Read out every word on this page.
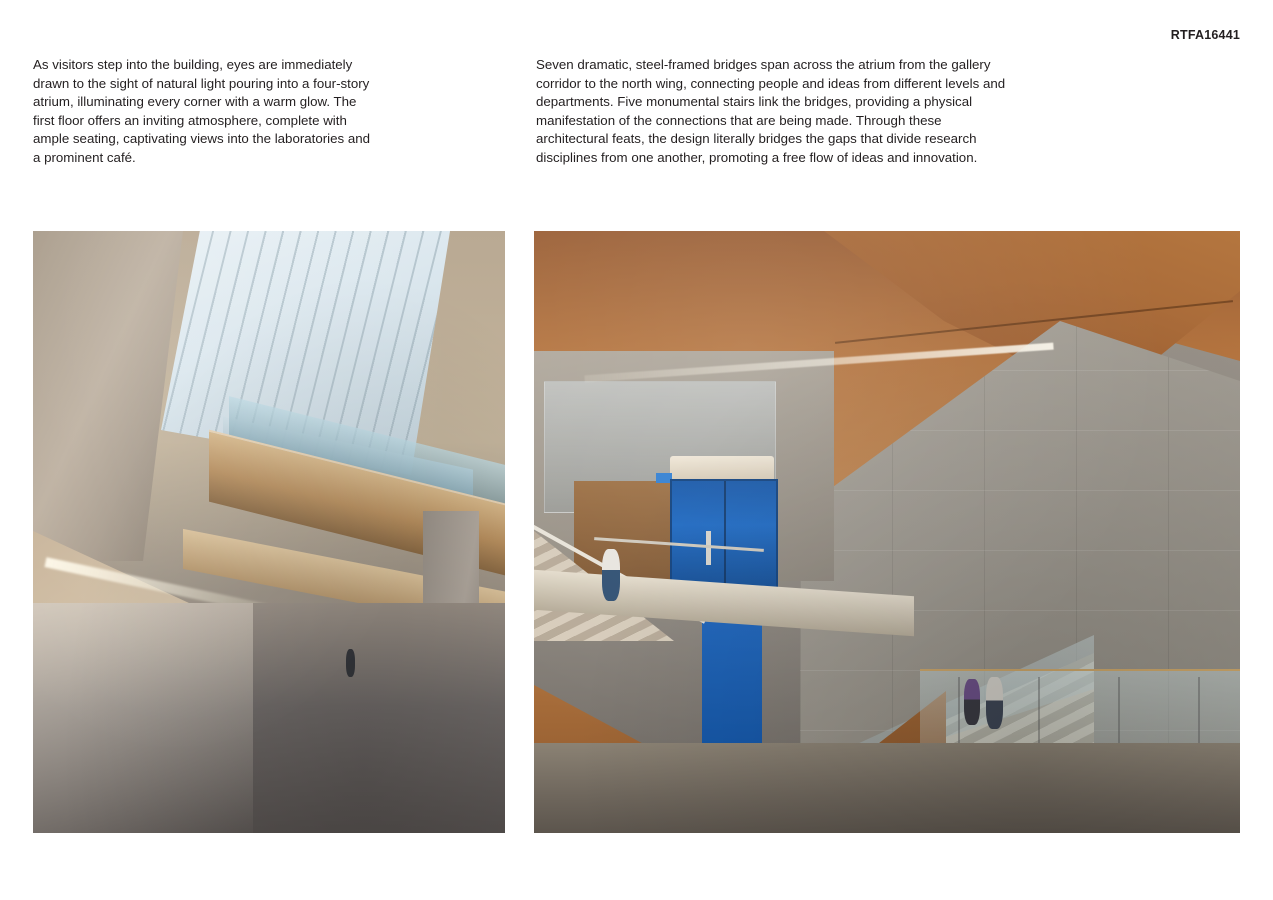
RTFA16441

As visitors step into the building, eyes are immediately drawn to the sight of natural light pouring into a four-story atrium, illuminating every corner with a warm glow. The first floor offers an inviting atmosphere, complete with ample seating, captivating views into the laboratories and a prominent café.

Seven dramatic, steel-framed bridges span across the atrium from the gallery corridor to the north wing, connecting people and ideas from different levels and departments. Five monumental stairs link the bridges, providing a physical manifestation of the connections that are being made. Through these architectural feats, the design literally bridges the gaps that divide research disciplines from one another, promoting a free flow of ideas and innovation.
